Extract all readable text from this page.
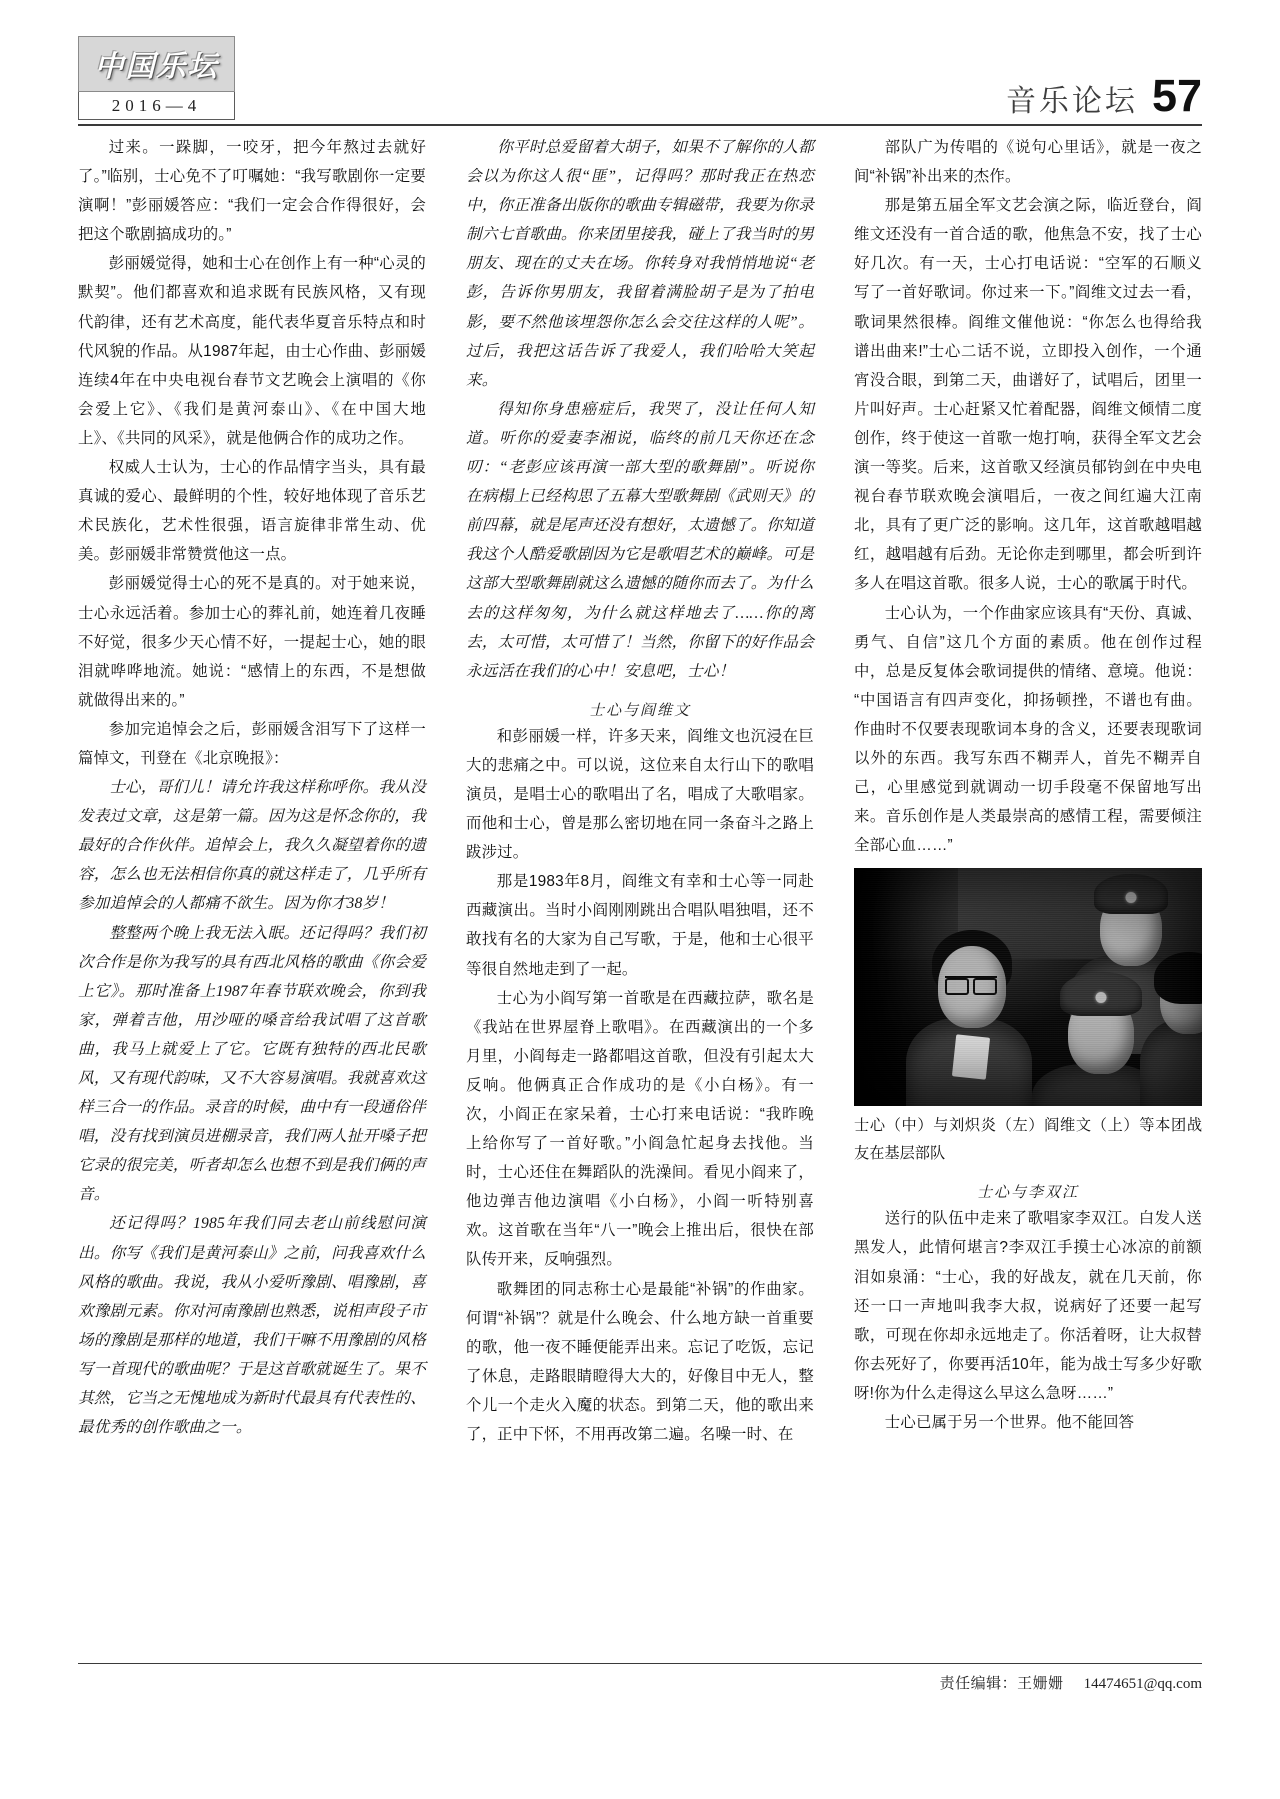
中国乐坛
2016—4	音乐论坛 57

过来。一跺脚，一咬牙，把今年熬过去就好了。”临别，士心免不了叮嘱她：“我写歌剧你一定要演啊！”彭丽媛答应：“我们一定会合作得很好，会把这个歌剧搞成功的。”

彭丽媛觉得，她和士心在创作上有一种“心灵的默契”。他们都喜欢和追求既有民族风格，又有现代韵律，还有艺术高度，能代表华夏音乐特点和时代风貌的作品。从1987年起，由士心作曲、彭丽媛连续4年在中央电视台春节文艺晚会上演唱的《你会爱上它》、《我们是黄河泰山》、《在中国大地上》、《共同的风采》，就是他俩合作的成功之作。

权威人士认为，士心的作品情字当头，具有最真诚的爱心、最鲜明的个性，较好地体现了音乐艺术民族化，艺术性很强，语言旋律非常生动、优美。彭丽媛非常赞赏他这一点。

彭丽媛觉得士心的死不是真的。对于她来说，士心永远活着。参加士心的葬礼前，她连着几夜睡不好觉，很多少天心情不好，一提起士心，她的眼泪就哗哗地流。她说：“感情上的东西，不是想做就做得出来的。”

参加完追悼会之后，彭丽媛含泪写下了这样一篇悼文，刊登在《北京晚报》：

士心，哥们儿！请允许我这样称呼你。我从没发表过文章，这是第一篇。因为这是怀念你的，我最好的合作伙伴。追悼会上，我久久凝望着你的遗容，怎么也无法相信你真的就这样走了，几乎所有参加追悼会的人都痛不欲生。因为你才38岁！

整整两个晚上我无法入眠。还记得吗？我们初次合作是你为我写的具有西北风格的歌曲《你会爱上它》。那时准备上1987年春节联欢晚会，你到我家，弹着吉他，用沙哑的嗓音给我试唱了这首歌曲，我马上就爱上了它。它既有独特的西北民歌风，又有现代韵味，又不大容易演唱。我就喜欢这样三合一的作品。录音的时候，曲中有一段通俗伴唱，没有找到演员进棚录音，我们两人扯开嗓子把它录的很完美，听者却怎么也想不到是我们俩的声音。

还记得吗？1985年我们同去老山前线慰问演出。你写《我们是黄河泰山》之前，问我喜欢什么风格的歌曲。我说，我从小爱听豫剧、唱豫剧，喜欢豫剧元素。你对河南豫剧也熟悉，说相声段子市场的豫剧是那样的地道，我们干嘛不用豫剧的风格写一首现代的歌曲呢？于是这首歌就诞生了。果不其然，它当之无愧地成为新时代最具有代表性的、最优秀的创作歌曲之一。

你平时总爱留着大胡子，如果不了解你的人都会以为你这人很“匪”，记得吗？那时我正在热恋中，你正准备出版你的歌曲专辑磁带，我要为你录制六七首歌曲。你来团里接我，碰上了我当时的男朋友、现在的丈夫在场。你转身对我悄悄地说“老彭，告诉你男朋友，我留着满脸胡子是为了拍电影，要不然他该埋怨你怎么会交往这样的人呢”。过后，我把这话告诉了我爱人，我们哈哈大笑起来。

得知你身患癌症后，我哭了，没让任何人知道。听你的爱妻李湘说，临终的前几天你还在念叨：“老彭应该再演一部大型的歌舞剧”。听说你在病榻上已经构思了五幕大型歌舞剧《武则天》的前四幕，就是尾声还没有想好，太遗憾了。你知道我这个人酷爱歌剧因为它是歌唱艺术的巅峰。可是这部大型歌舞剧就这么遗憾的随你而去了。为什么去的这样匆匆，为什么就这样地去了……你的离去，太可惜，太可惜了！当然，你留下的好作品会永远活在我们的心中！安息吧，士心！

士心与阎维文

和彭丽媛一样，许多天来，阎维文也沉浸在巨大的悲痛之中。可以说，这位来自太行山下的歌唱演员，是唱士心的歌唱出了名，唱成了大歌唱家。而他和士心，曾是那么密切地在同一条奋斗之路上跋涉过。

那是1983年8月，阎维文有幸和士心等一同赴西藏演出。当时小阎刚刚跳出合唱队唱独唱，还不敢找有名的大家为自己写歌，于是，他和士心很平等很自然地走到了一起。

士心为小阎写第一首歌是在西藏拉萨，歌名是《我站在世界屋脊上歌唱》。在西藏演出的一个多月里，小阎每走一路都唱这首歌，但没有引起太大反响。他俩真正合作成功的是《小白杨》。有一次，小阎正在家呆着，士心打来电话说：“我昨晚上给你写了一首好歌。”小阎急忙起身去找他。当时，士心还住在舞蹈队的洗澡间。看见小阎来了，他边弹吉他边演唱《小白杨》，小阎一听特别喜欢。这首歌在当年“八一”晚会上推出后，很快在部队传开来，反响强烈。

歌舞团的同志称士心是最能“补锅”的作曲家。何谓“补锅”？就是什么晚会、什么地方缺一首重要的歌，他一夜不睡便能弄出来。忘记了吃饭，忘记了休息，走路眼睛瞪得大大的，好像目中无人，整个儿一个走火入魔的状态。到第二天，他的歌出来了，正中下怀，不用再改第二遍。名噪一时、在

部队广为传唱的《说句心里话》，就是一夜之间“补锅”补出来的杰作。

那是第五届全军文艺会演之际，临近登台，阎维文还没有一首合适的歌，他焦急不安，找了士心好几次。有一天，士心打电话说：“空军的石顺义写了一首好歌词。你过来一下。”阎维文过去一看，歌词果然很棒。阎维文催他说：“你怎么也得给我谱出曲来!”士心二话不说，立即投入创作，一个通宵没合眼，到第二天，曲谱好了，试唱后，团里一片叫好声。士心赶紧又忙着配器，阎维文倾情二度创作，终于使这一首歌一炮打响，获得全军文艺会演一等奖。后来，这首歌又经演员郁钧剑在中央电视台春节联欢晚会演唱后，一夜之间红遍大江南北，具有了更广泛的影响。这几年，这首歌越唱越红，越唱越有后劲。无论你走到哪里，都会听到许多人在唱这首歌。很多人说，士心的歌属于时代。

士心认为，一个作曲家应该具有“天份、真诚、勇气、自信”这几个方面的素质。他在创作过程中，总是反复体会歌词提供的情绪、意境。他说：“中国语言有四声变化，抑扬顿挫，不谱也有曲。作曲时不仅要表现歌词本身的含义，还要表现歌词以外的东西。我写东西不糊弄人，首先不糊弄自己，心里感觉到就调动一切手段毫不保留地写出来。音乐创作是人类最崇高的感情工程，需要倾注全部心血……”

士心（中）与刘炽炎（左）阎维文（上）等本团战友在基层部队
士心与李双江

送行的队伍中走来了歌唱家李双江。白发人送黑发人，此情何堪言?李双江手摸士心冰凉的前额泪如泉涌：“士心，我的好战友，就在几天前，你还一口一声地叫我李大叔，说病好了还要一起写歌，可现在你却永远地走了。你活着呀，让大叔替你去死好了，你要再活10年，能为战士写多少好歌呀!你为什么走得这么早这么急呀……”

士心已属于另一个世界。他不能回答

责任编辑：王姗姗 14474651@qq.com
